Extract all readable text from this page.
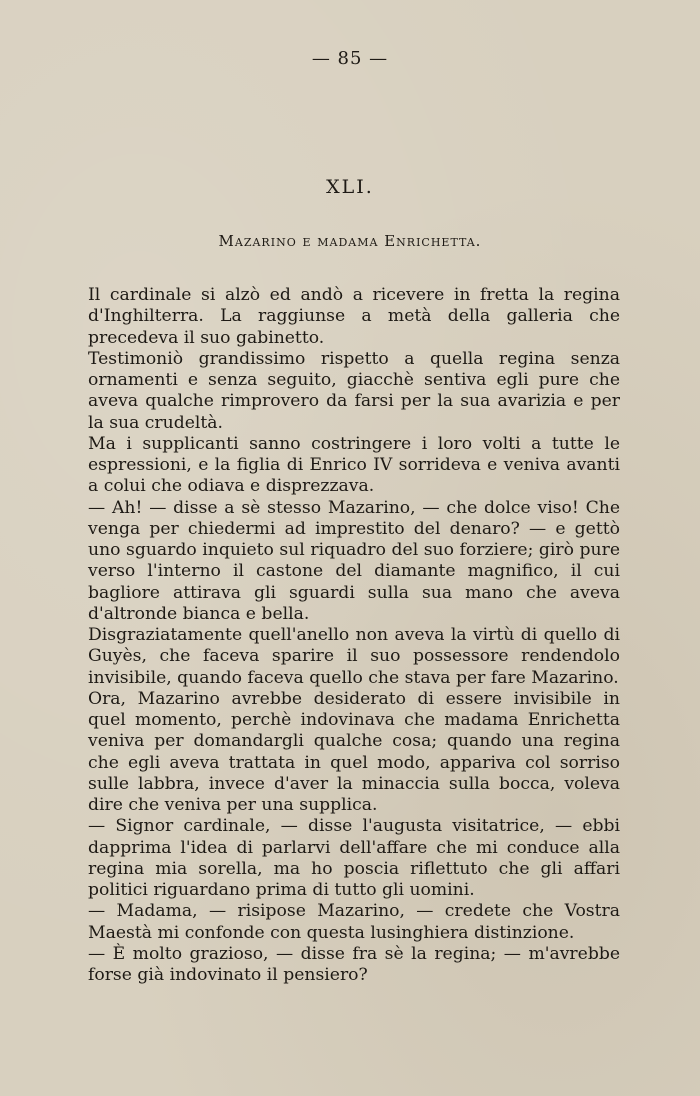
— 85 —
XLI.
Mazarino e madama Enrichetta.

Il cardinale si alzò ed andò a ricevere in fretta la regina d'Inghilterra. La raggiunse a metà della galleria che precedeva il suo gabinetto.

Testimoniò grandissimo rispetto a quella regina senza ornamenti e senza seguito, giacchè sentiva egli pure che aveva qualche rimprovero da farsi per la sua avarizia e per la sua crudeltà.

Ma i supplicanti sanno costringere i loro volti a tutte le espressioni, e la figlia di Enrico IV sorrideva e veniva avanti a colui che odiava e disprezzava.

— Ah! — disse a sè stesso Mazarino, — che dolce viso! Che venga per chiedermi ad imprestito del denaro? — e gettò uno sguardo inquieto sul riquadro del suo forziere; girò pure verso l'interno il castone del diamante magnifico, il cui bagliore attirava gli sguardi sulla sua mano che aveva d'altronde bianca e bella.

Disgraziatamente quell'anello non aveva la virtù di quello di Guyès, che faceva sparire il suo possessore rendendolo invisibile, quando faceva quello che stava per fare Mazarino.

Ora, Mazarino avrebbe desiderato di essere invisibile in quel momento, perchè indovinava che madama Enrichetta veniva per domandargli qualche cosa; quando una regina che egli aveva trattata in quel modo, appariva col sorriso sulle labbra, invece d'aver la minaccia sulla bocca, voleva dire che veniva per una supplica.

— Signor cardinale, — disse l'augusta visitatrice, — ebbi dapprima l'idea di parlarvi dell'affare che mi conduce alla regina mia sorella, ma ho poscia riflettuto che gli affari politici riguardano prima di tutto gli uomini.

— Madama, — risipose Mazarino, — credete che Vostra Maestà mi confonde con questa lusinghiera distinzione.

— È molto grazioso, — disse fra sè la regina; — m'avrebbe forse già indovinato il pensiero?
